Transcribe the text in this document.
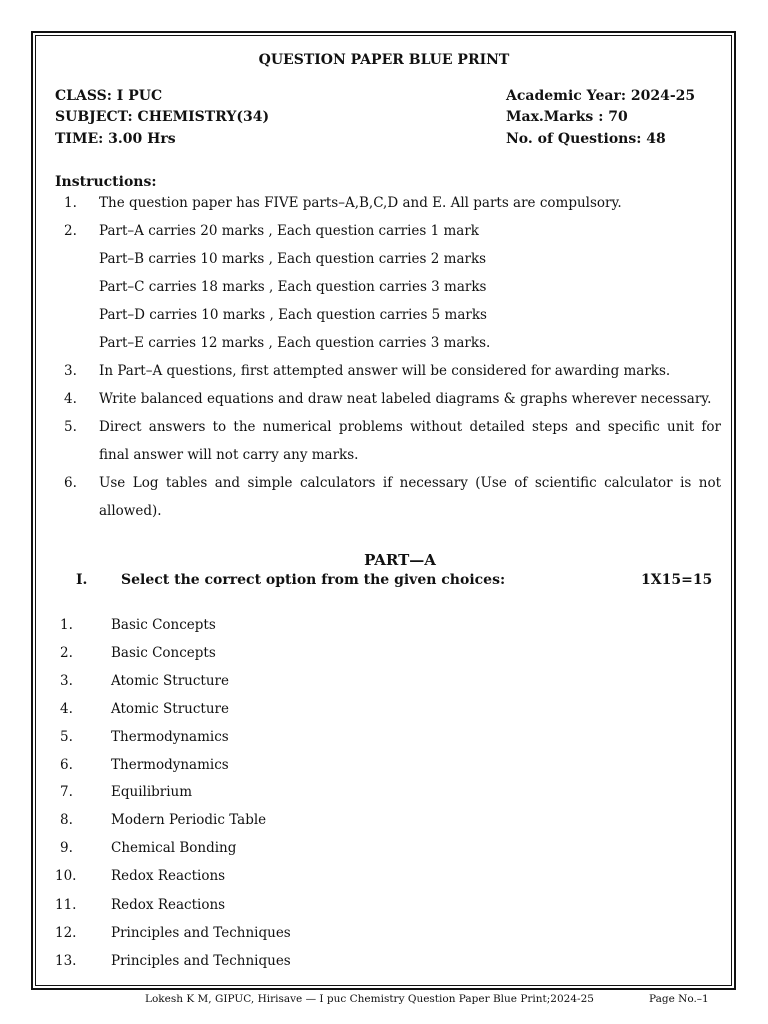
QUESTION PAPER BLUE PRINT
CLASS: I PUC
SUBJECT: CHEMISTRY(34)
TIME: 3.00 Hrs
Academic Year: 2024-25
Max.Marks : 70
No. of Questions: 48
Instructions:
1.	The question paper has FIVE parts–A,B,C,D and E. All parts are compulsory.
2.	Part–A carries 20 marks , Each question carries 1 mark
Part–B carries 10 marks , Each question carries 2 marks
Part–C carries 18 marks , Each question carries 3 marks
Part–D carries 10 marks , Each question carries 5 marks
Part–E carries 12 marks , Each question carries 3 marks.
3.	In Part–A questions, first attempted answer will be considered for awarding marks.
4.	Write balanced equations and draw neat labeled diagrams & graphs wherever necessary.
5.	Direct answers to the numerical problems without detailed steps and specific unit for
final answer will not carry any marks.
6.	Use Log tables and simple calculators if necessary (Use of scientific calculator is not
allowed).
PART—A
I. Select the correct option from the given choices:	1X15=15
1.	Basic Concepts
2.	Basic Concepts
3.	Atomic Structure
4.	Atomic Structure
5.	Thermodynamics
6.	Thermodynamics
7.	Equilibrium
8.	Modern Periodic Table
9.	Chemical Bonding
10.	Redox Reactions
11.	Redox Reactions
12.	Principles and Techniques
13.	Principles and Techniques
Lokesh K M, GIPUC, Hirisave — I puc Chemistry Question Paper Blue Print;2024-25	Page No.–1
